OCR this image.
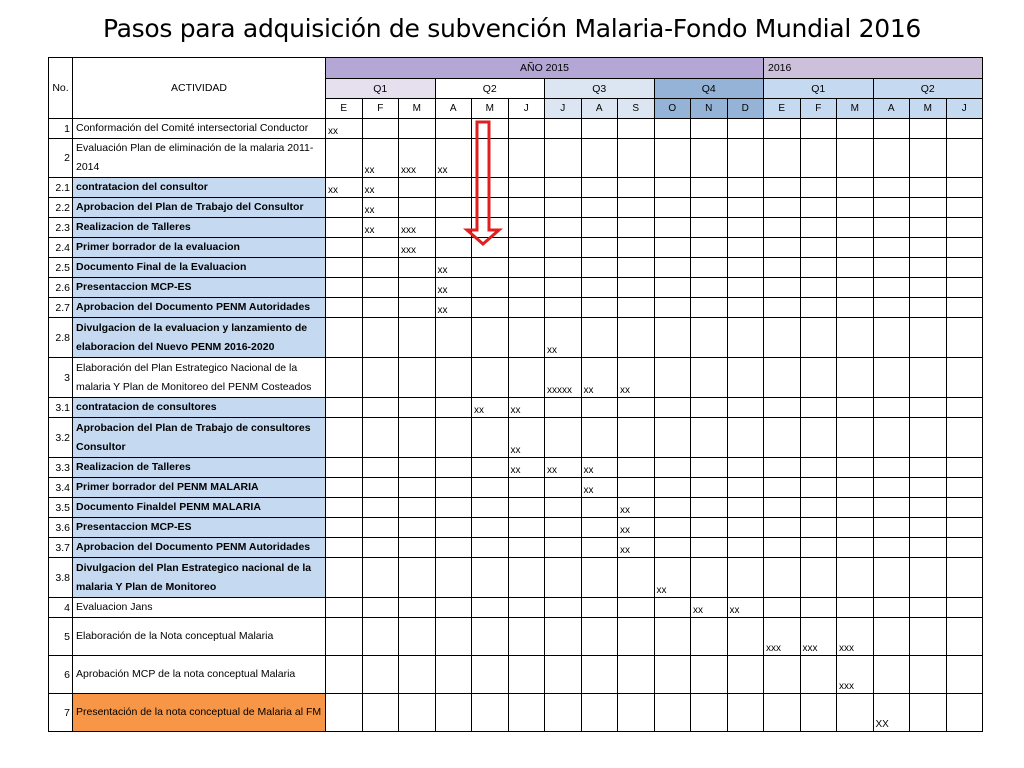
Pasos para adquisición de subvención Malaria-Fondo Mundial 2016
No.	ACTIVIDAD	AÑO 2015												2016					
		Q1			Q2			Q3			Q4			Q1			Q2		
		E	F	M	A	M	J	J	A	S	O	N	D	E	F	M	A	M	J
1	Conformación del Comité intersectorial Conductor	xx																	
2	Evaluación Plan de eliminación de la malaria 2011-2014		xx	xxx	xx														
2.1	contratacion del consultor	xx	xx																
2.2	Aprobacion del Plan de Trabajo del Consultor		xx																
2.3	Realizacion de Talleres		xx	xxx															
2.4	Primer borrador de la evaluacion			xxx															
2.5	Documento Final de la Evaluacion				xx														
2.6	Presentaccion MCP-ES				xx														
2.7	Aprobacion del Documento PENM Autoridades				xx														
2.8	Divulgacion de la evaluacion y lanzamiento de elaboracion del Nuevo PENM 2016-2020							xx											
3	Elaboración del Plan Estrategico Nacional de la malaria Y Plan de Monitoreo del PENM Costeados							xxxxx	xx	xx									
3.1	contratacion de consultores					xx	xx												
3.2	Aprobacion del Plan de Trabajo de consultores Consultor						xx												
3.3	Realizacion de Talleres						xx	xx	xx										
3.4	Primer borrador del PENM MALARIA								xx										
3.5	Documento Finaldel PENM MALARIA									xx									
3.6	Presentaccion MCP-ES									xx									
3.7	Aprobacion del Documento PENM Autoridades									xx									
3.8	Divulgacion del Plan Estrategico nacional de la malaria Y Plan de Monitoreo										xx								
4	Evaluacion Jans											xx	xx						
5	Elaboración de la Nota conceptual Malaria													xxx	xxx	xxx			
6	Aprobación MCP de la nota conceptual Malaria															xxx			
7	Presentación de la nota conceptual de Malaria al FM																XX		
